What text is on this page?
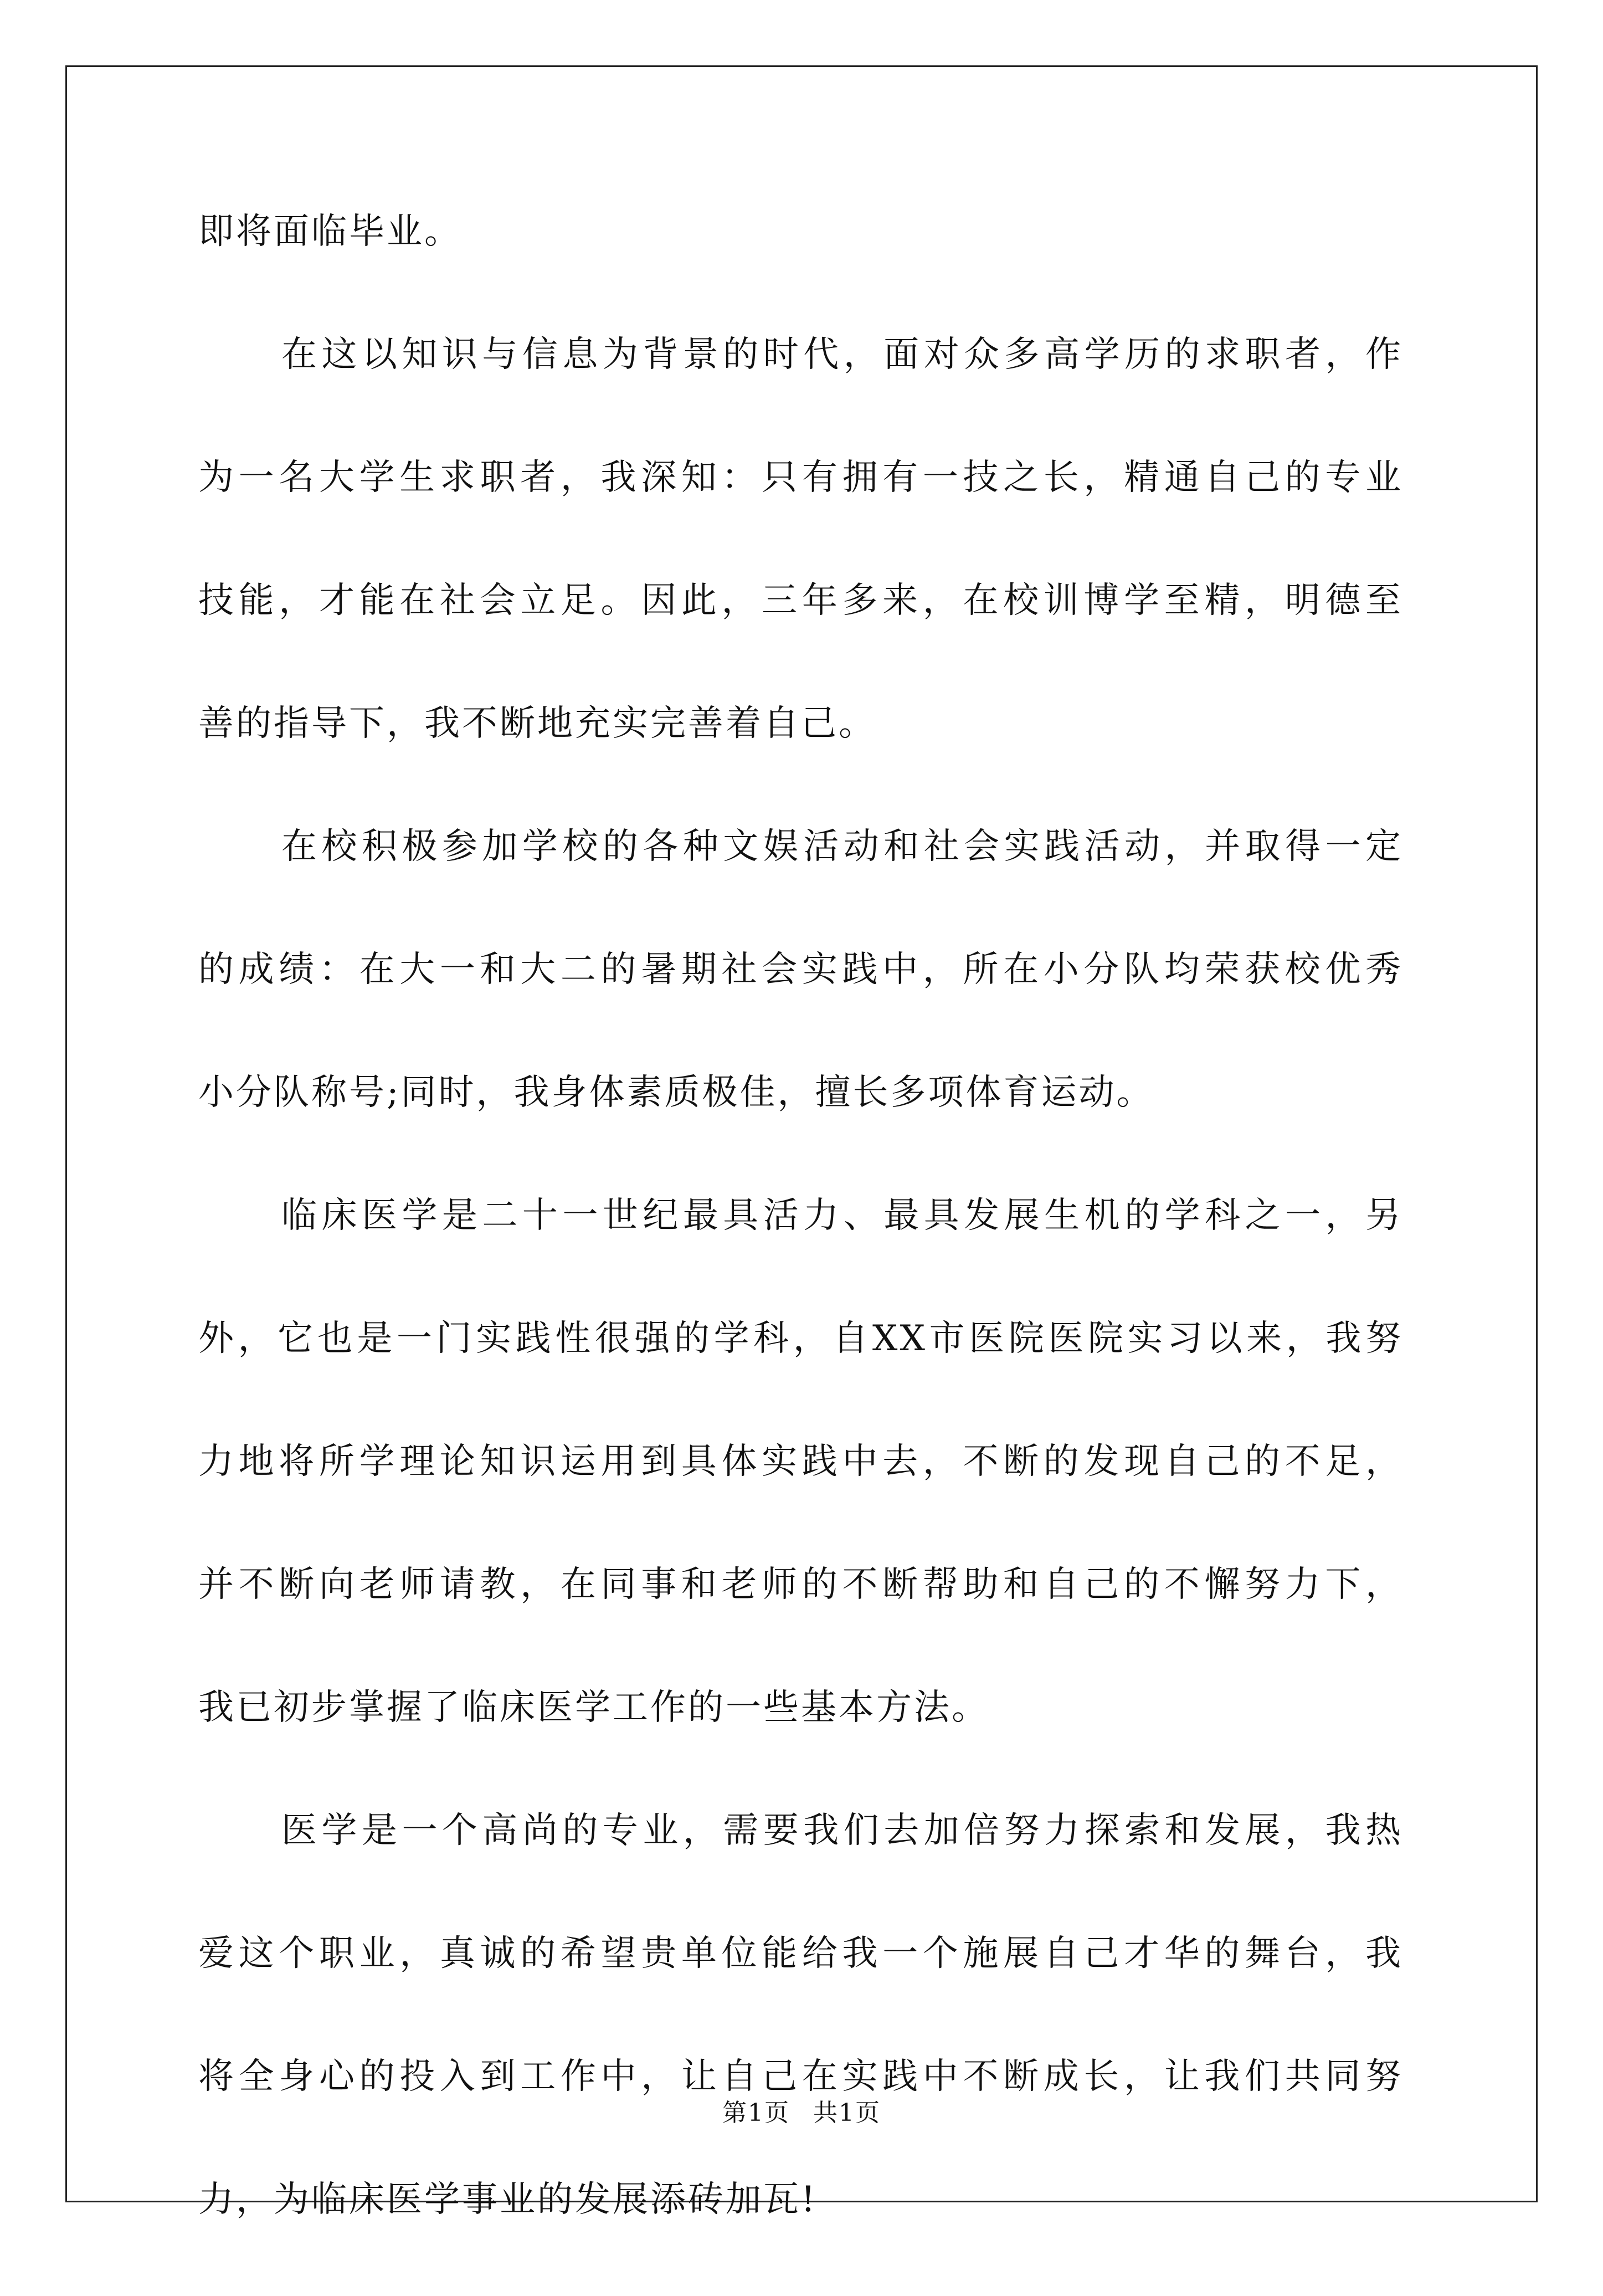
即将面临毕业。
在这以知识与信息为背景的时代，面对众多高学历的求职者，作
为一名大学生求职者，我深知：只有拥有一技之长，精通自己的专业
技能，才能在社会立足。因此，三年多来，在校训博学至精，明德至
善的指导下，我不断地充实完善着自己。
在校积极参加学校的各种文娱活动和社会实践活动，并取得一定
的成绩：在大一和大二的暑期社会实践中，所在小分队均荣获校优秀
小分队称号;同时，我身体素质极佳，擅长多项体育运动。
临床医学是二十一世纪最具活力、最具发展生机的学科之一，另
外，它也是一门实践性很强的学科，自XX市医院医院实习以来，我努
力地将所学理论知识运用到具体实践中去，不断的发现自己的不足，
并不断向老师请教，在同事和老师的不断帮助和自己的不懈努力下，
我已初步掌握了临床医学工作的一些基本方法。
医学是一个高尚的专业，需要我们去加倍努力探索和发展，我热
爱这个职业，真诚的希望贵单位能给我一个施展自己才华的舞台，我
将全身心的投入到工作中，让自己在实践中不断成长，让我们共同努
力，为临床医学事业的发展添砖加瓦!
第1页 共1页
